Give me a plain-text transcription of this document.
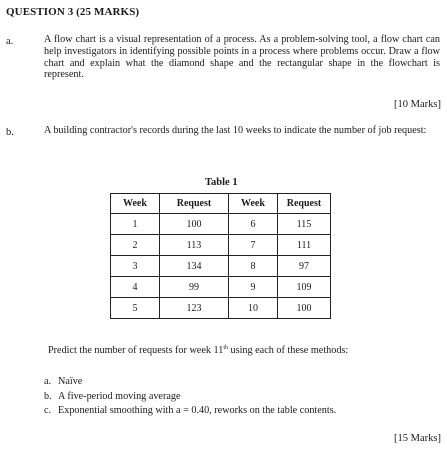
QUESTION 3 (25 MARKS)
a.	A flow chart is a visual representation of a process. As a problem-solving tool, a flow chart can help investigators in identifying possible points in a process where problems occur. Draw a flow chart and explain what the diamond shape and the rectangular shape in the flowchart is represent.
[10 Marks]
b.	A building contractor's records during the last 10 weeks to indicate the number of job request:
Table 1
Week	Request	Week	Request
1	100	6	115
2	113	7	111
3	134	8	97
4	99	9	109
5	123	10	100
Predict the number of requests for week 11th using each of these methods:
a. Naïve
b. A five-period moving average
c. Exponential smoothing with a = 0.40, reworks on the table contents.
[15 Marks]
